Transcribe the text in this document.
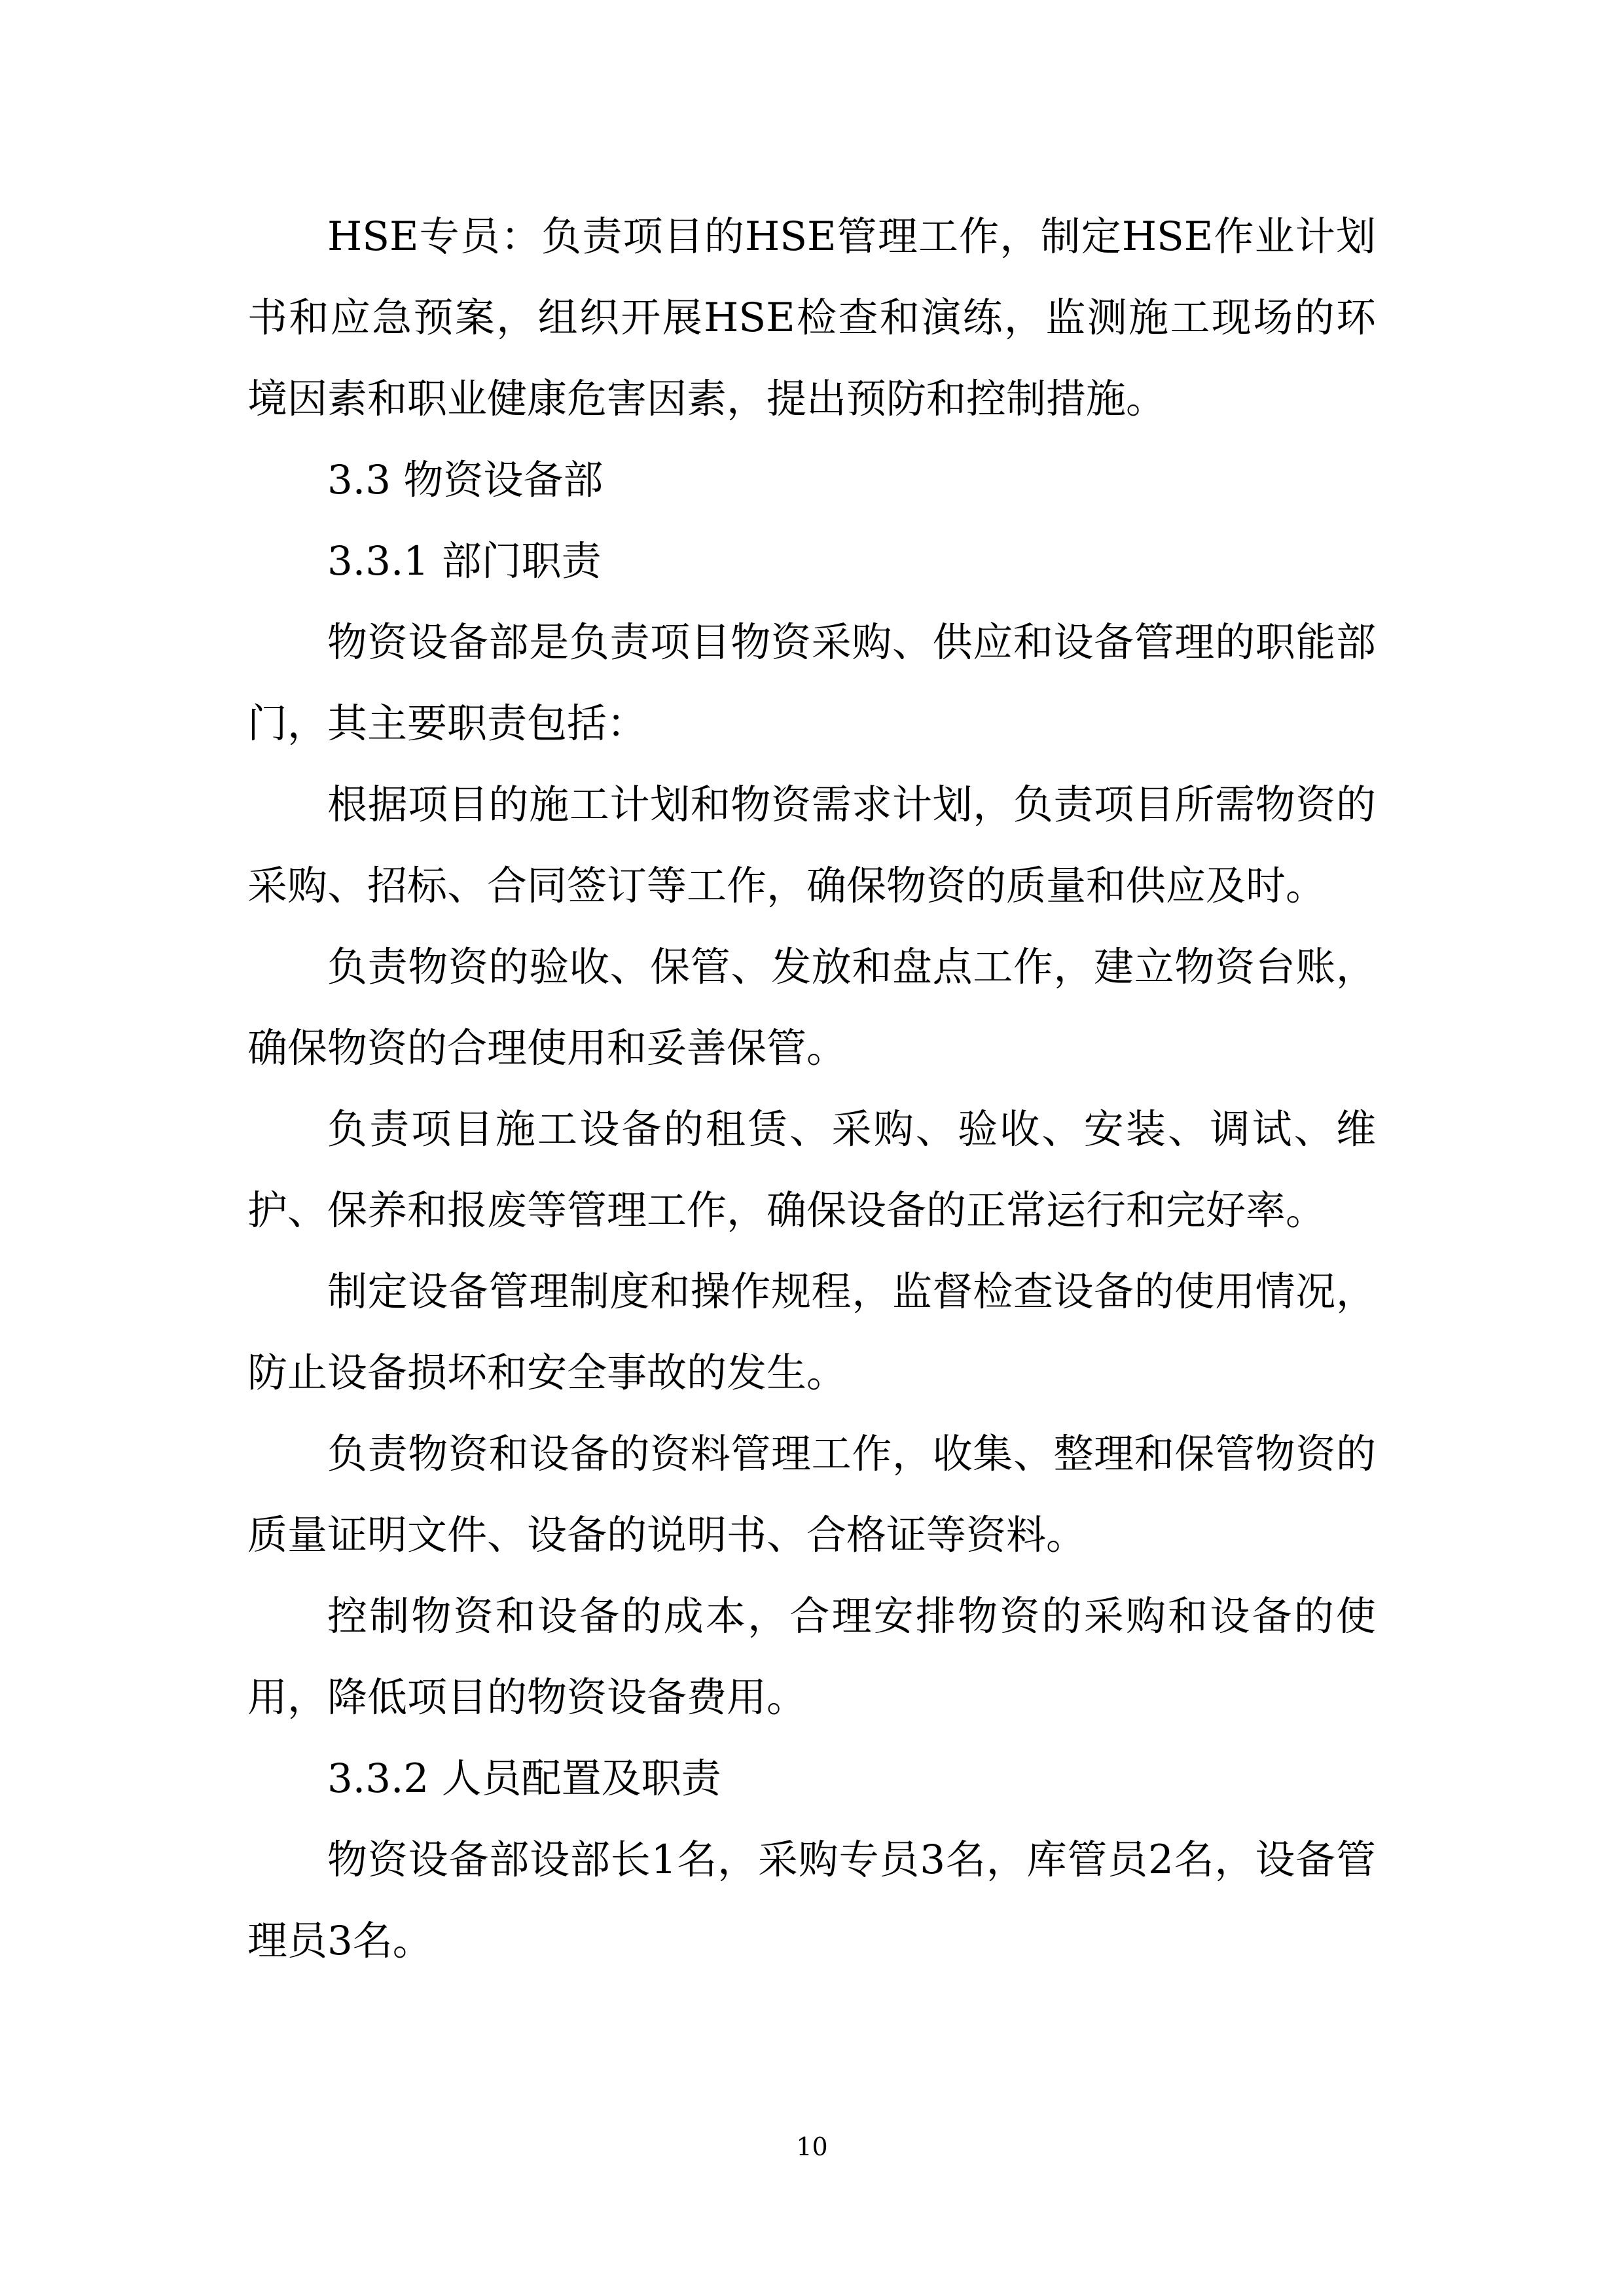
HSE专员：负责项目的HSE管理工作，制定HSE作业计划书和应急预案，组织开展HSE检查和演练，监测施工现场的环境因素和职业健康危害因素，提出预防和控制措施。

3.3 物资设备部

3.3.1 部门职责

物资设备部是负责项目物资采购、供应和设备管理的职能部门，其主要职责包括：

根据项目的施工计划和物资需求计划，负责项目所需物资的采购、招标、合同签订等工作，确保物资的质量和供应及时。

负责物资的验收、保管、发放和盘点工作，建立物资台账，确保物资的合理使用和妥善保管。

负责项目施工设备的租赁、采购、验收、安装、调试、维护、保养和报废等管理工作，确保设备的正常运行和完好率。

制定设备管理制度和操作规程，监督检查设备的使用情况，防止设备损坏和安全事故的发生。

负责物资和设备的资料管理工作，收集、整理和保管物资的质量证明文件、设备的说明书、合格证等资料。

控制物资和设备的成本，合理安排物资的采购和设备的使用，降低项目的物资设备费用。

3.3.2 人员配置及职责

物资设备部设部长1名，采购专员3名，库管员2名，设备管理员3名。

10
